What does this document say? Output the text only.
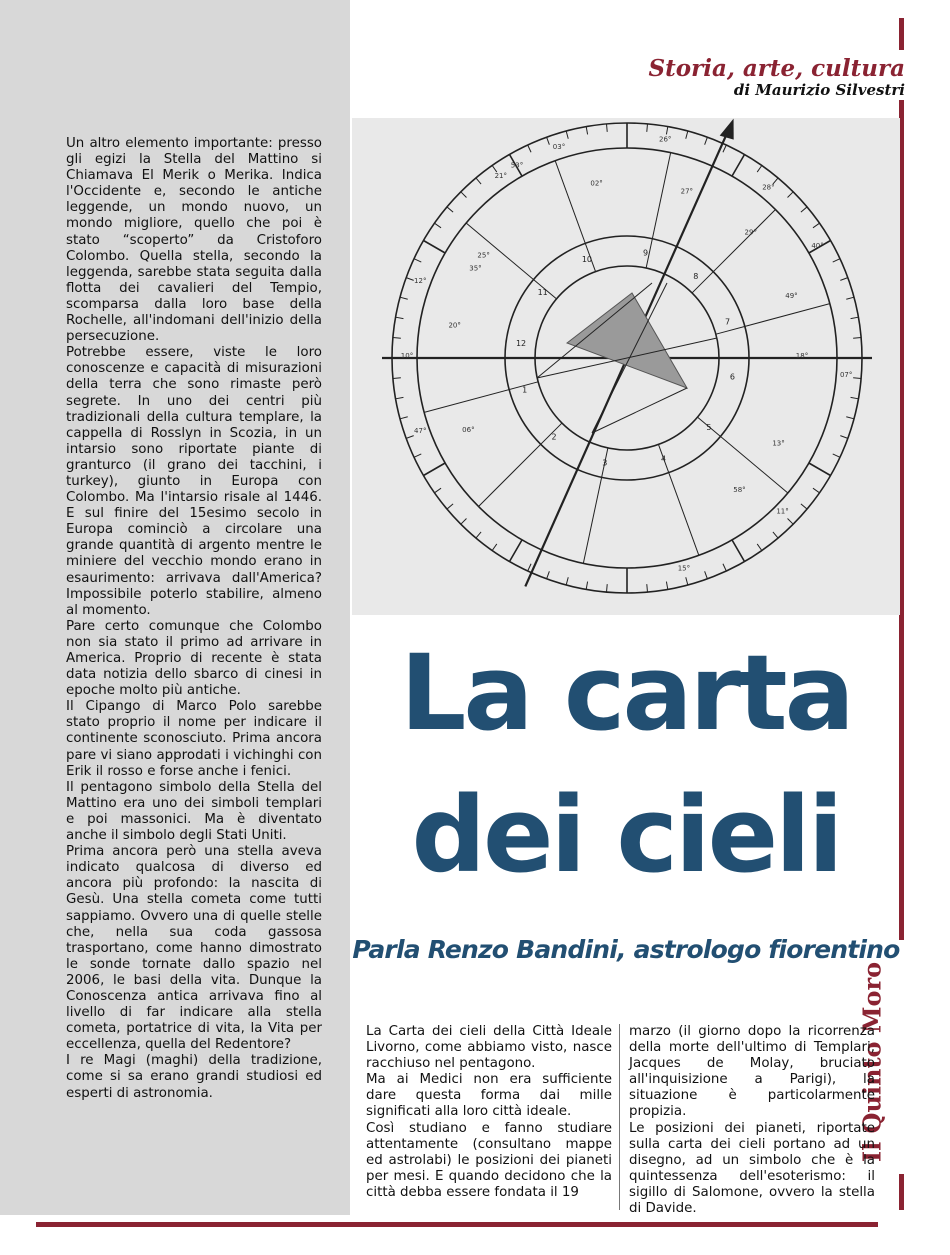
Un altro elemento importante: presso gli egizi la Stella del Mattino si Chiamava El Merik o Merika. Indica l'Occidente e, secondo le antiche leggende, un mondo nuovo, un mondo migliore, quello che poi è stato “scoperto” da Cristoforo Colombo. Quella stella, secondo la leggenda, sarebbe stata seguita dalla flotta dei cavalieri del Tempio, scomparsa dalla loro base della Rochelle, all'indomani dell'inizio della persecuzione.

Potrebbe essere, viste le loro conoscenze e capacità di misurazioni della terra che sono rimaste però segrete. In uno dei centri più tradizionali della cultura templare, la cappella di Rosslyn in Scozia, in un intarsio sono riportate piante di granturco (il grano dei tacchini, i turkey), giunto in Europa con Colombo. Ma l'intarsio risale al 1446. E sul finire del 15esimo secolo in Europa cominciò a circolare una grande quantità di argento mentre le miniere del vecchio mondo erano in esaurimento: arrivava dall'America? Impossibile poterlo stabilire, almeno al momento.

Pare certo comunque che Colombo non sia stato il primo ad arrivare in America. Proprio di recente è stata data notizia dello sbarco di cinesi in epoche molto più antiche.

Il Cipango di Marco Polo sarebbe stato proprio il nome per indicare il continente sconosciuto. Prima ancora pare vi siano approdati i vichinghi con Erik il rosso e forse anche i fenici.

Il pentagono simbolo della Stella del Mattino era uno dei simboli templari e poi massonici. Ma è diventato anche il simbolo degli Stati Uniti.

Prima ancora però una stella aveva indicato qualcosa di diverso ed ancora più profondo: la nascita di Gesù. Una stella cometa come tutti sappiamo. Ovvero una di quelle stelle che, nella sua coda gassosa trasportano, come hanno dimostrato le sonde tornate dallo spazio nel 2006, le basi della vita. Dunque la Conoscenza antica arrivava fino al livello di far indicare alla stella cometa, portatrice di vita, la Vita per eccellenza, quella del Redentore?

I re Magi (maghi) della tradizione, come si sa erano grandi studiosi ed esperti di astronomia.

Storia, arte, cultura
di Maurizio Silvestri
Il Quinto Moro
1
2
3	4
5
6
7
8
9
10
11
12
03°
02°
26°
27°
28°
29°
10°	18°
07°
06°
47°
13°
15°
35°
12°
20°
21°
25°
53°
58°
40°
49°
11°
La carta
dei cieli
Parla Renzo Bandini, astrologo fiorentino

La Carta dei cieli della Città Ideale Livorno, come abbiamo visto, nasce racchiuso nel pentagono.

Ma ai Medici non era sufficiente dare questa forma dai mille significati alla loro città ideale.

Così studiano e fanno studiare attentamente (consultano mappe ed astrolabi) le posizioni dei pianeti per mesi. E quando decidono che la città debba essere fondata il 19

marzo (il giorno dopo la ricorrenza della morte dell'ultimo di Templari, Jacques de Molay, bruciato all'inquisizione a Parigi), la situazione è particolarmente propizia.

Le posizioni dei pianeti, riportate sulla carta dei cieli portano ad un disegno, ad un simbolo che è la quintessenza dell'esoterismo: il sigillo di Salomone, ovvero la stella di Davide.
